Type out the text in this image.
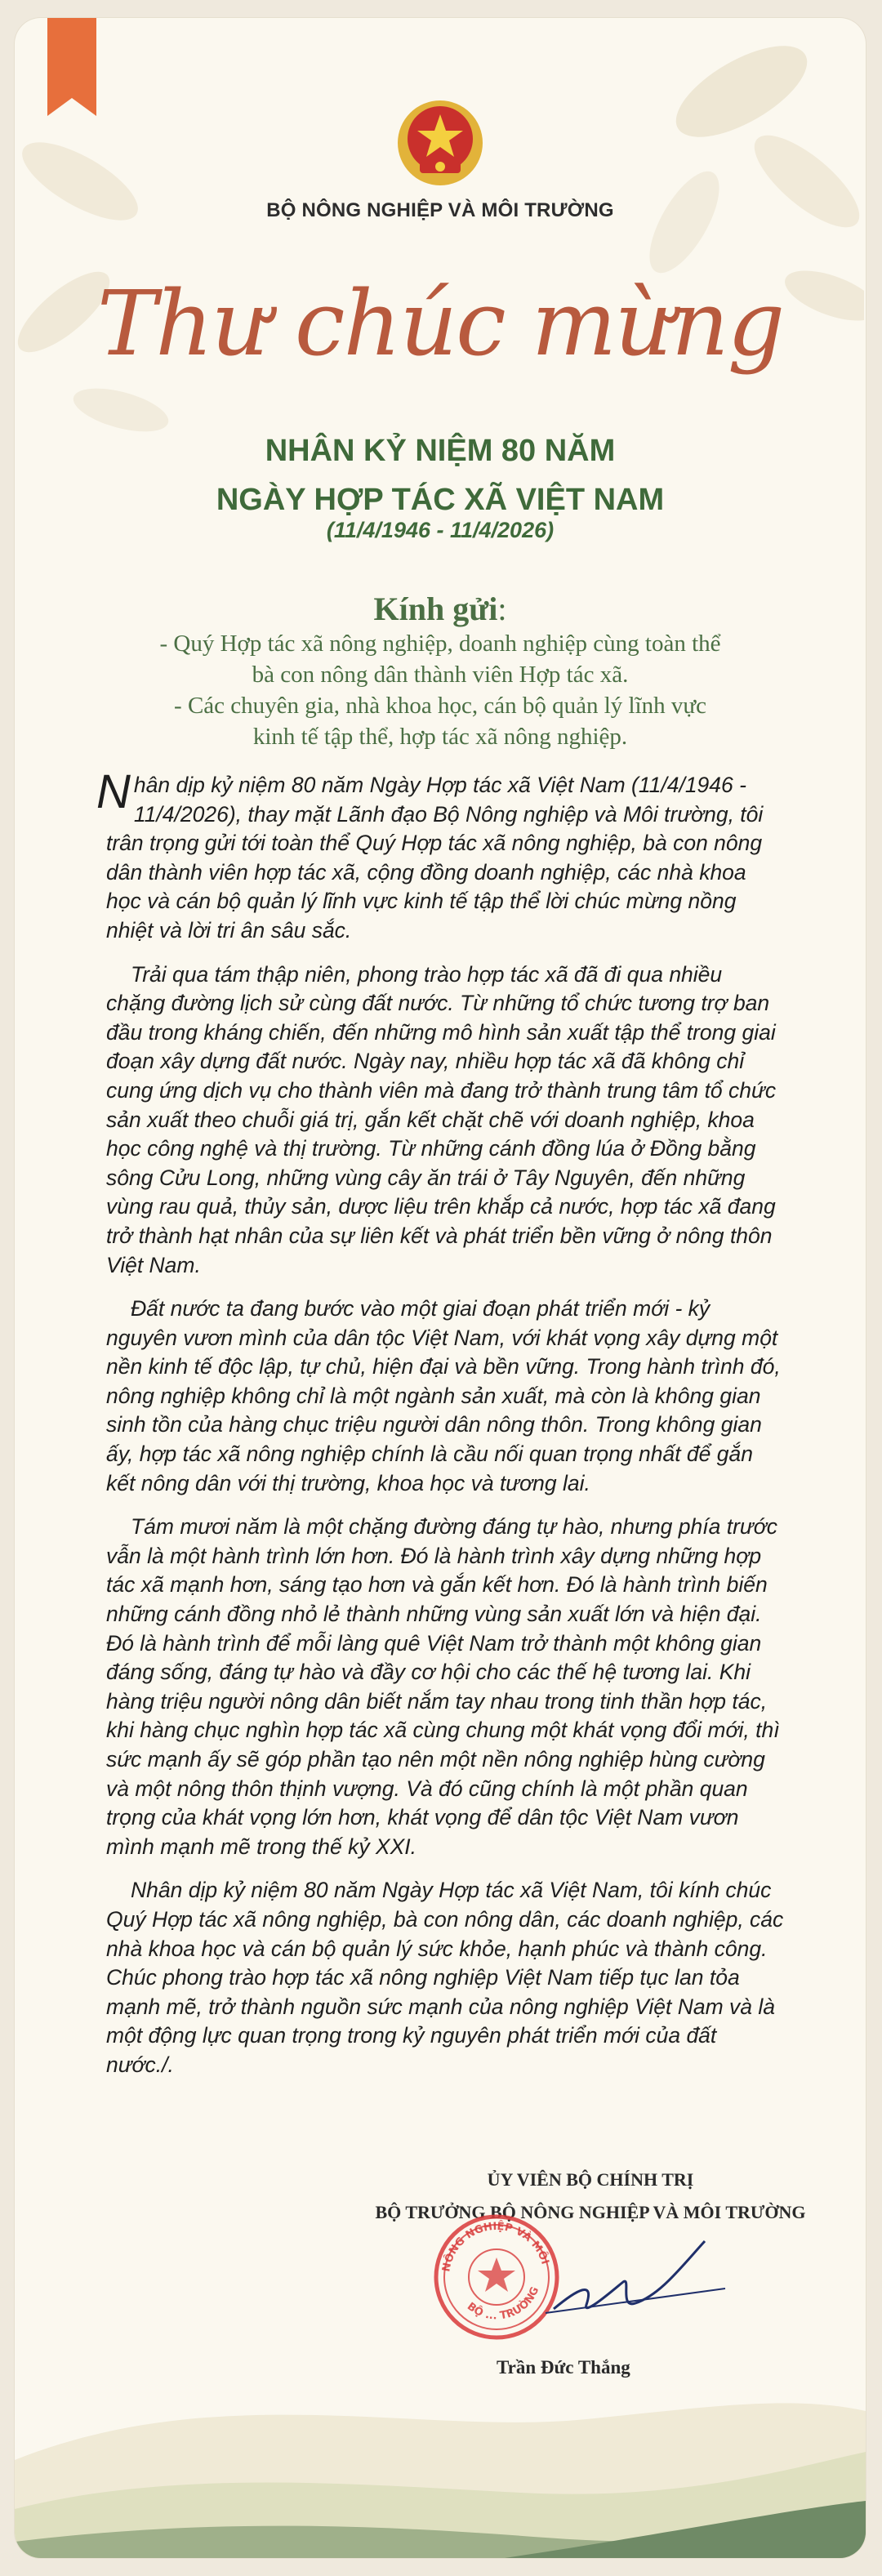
BỘ NÔNG NGHIỆP VÀ MÔI TRƯỜNG
Thư chúc mừng
NHÂN KỶ NIỆM 80 NĂM
NGÀY HỢP TÁC XÃ VIỆT NAM
(11/4/1946 - 11/4/2026)
Kính gửi:
- Quý Hợp tác xã nông nghiệp, doanh nghiệp cùng toàn thể
bà con nông dân thành viên Hợp tác xã.
- Các chuyên gia, nhà khoa học, cán bộ quản lý lĩnh vực
kinh tế tập thể, hợp tác xã nông nghiệp.

Nhân dịp kỷ niệm 80 năm Ngày Hợp tác xã Việt Nam (11/4/1946 - 11/4/2026), thay mặt Lãnh đạo Bộ Nông nghiệp và Môi trường, tôi trân trọng gửi tới toàn thể Quý Hợp tác xã nông nghiệp, bà con nông dân thành viên hợp tác xã, cộng đồng doanh nghiệp, các nhà khoa học và cán bộ quản lý lĩnh vực kinh tế tập thể lời chúc mừng nồng nhiệt và lời tri ân sâu sắc.

Trải qua tám thập niên, phong trào hợp tác xã đã đi qua nhiều chặng đường lịch sử cùng đất nước. Từ những tổ chức tương trợ ban đầu trong kháng chiến, đến những mô hình sản xuất tập thể trong giai đoạn xây dựng đất nước. Ngày nay, nhiều hợp tác xã đã không chỉ cung ứng dịch vụ cho thành viên mà đang trở thành trung tâm tổ chức sản xuất theo chuỗi giá trị, gắn kết chặt chẽ với doanh nghiệp, khoa học công nghệ và thị trường. Từ những cánh đồng lúa ở Đồng bằng sông Cửu Long, những vùng cây ăn trái ở Tây Nguyên, đến những vùng rau quả, thủy sản, dược liệu trên khắp cả nước, hợp tác xã đang trở thành hạt nhân của sự liên kết và phát triển bền vững ở nông thôn Việt Nam.

Đất nước ta đang bước vào một giai đoạn phát triển mới - kỷ nguyên vươn mình của dân tộc Việt Nam, với khát vọng xây dựng một nền kinh tế độc lập, tự chủ, hiện đại và bền vững. Trong hành trình đó, nông nghiệp không chỉ là một ngành sản xuất, mà còn là không gian sinh tồn của hàng chục triệu người dân nông thôn. Trong không gian ấy, hợp tác xã nông nghiệp chính là cầu nối quan trọng nhất để gắn kết nông dân với thị trường, khoa học và tương lai.

Tám mươi năm là một chặng đường đáng tự hào, nhưng phía trước vẫn là một hành trình lớn hơn. Đó là hành trình xây dựng những hợp tác xã mạnh hơn, sáng tạo hơn và gắn kết hơn. Đó là hành trình biến những cánh đồng nhỏ lẻ thành những vùng sản xuất lớn và hiện đại. Đó là hành trình để mỗi làng quê Việt Nam trở thành một không gian đáng sống, đáng tự hào và đầy cơ hội cho các thế hệ tương lai. Khi hàng triệu người nông dân biết nắm tay nhau trong tinh thần hợp tác, khi hàng chục nghìn hợp tác xã cùng chung một khát vọng đổi mới, thì sức mạnh ấy sẽ góp phần tạo nên một nền nông nghiệp hùng cường và một nông thôn thịnh vượng. Và đó cũng chính là một phần quan trọng của khát vọng lớn hơn, khát vọng để dân tộc Việt Nam vươn mình mạnh mẽ trong thế kỷ XXI.

Nhân dịp kỷ niệm 80 năm Ngày Hợp tác xã Việt Nam, tôi kính chúc Quý Hợp tác xã nông nghiệp, bà con nông dân, các doanh nghiệp, các nhà khoa học và cán bộ quản lý sức khỏe, hạnh phúc và thành công. Chúc phong trào hợp tác xã nông nghiệp Việt Nam tiếp tục lan tỏa mạnh mẽ, trở thành nguồn sức mạnh của nông nghiệp Việt Nam và là một động lực quan trọng trong kỷ nguyên phát triển mới của đất nước./.

ỦY VIÊN BỘ CHÍNH TRỊ
BỘ TRƯỞNG BỘ NÔNG NGHIỆP VÀ MÔI TRƯỜNG
NÔNG NGHIỆP VÀ MÔI
BỘ ... TRƯỜNG
Trần Đức Thắng
